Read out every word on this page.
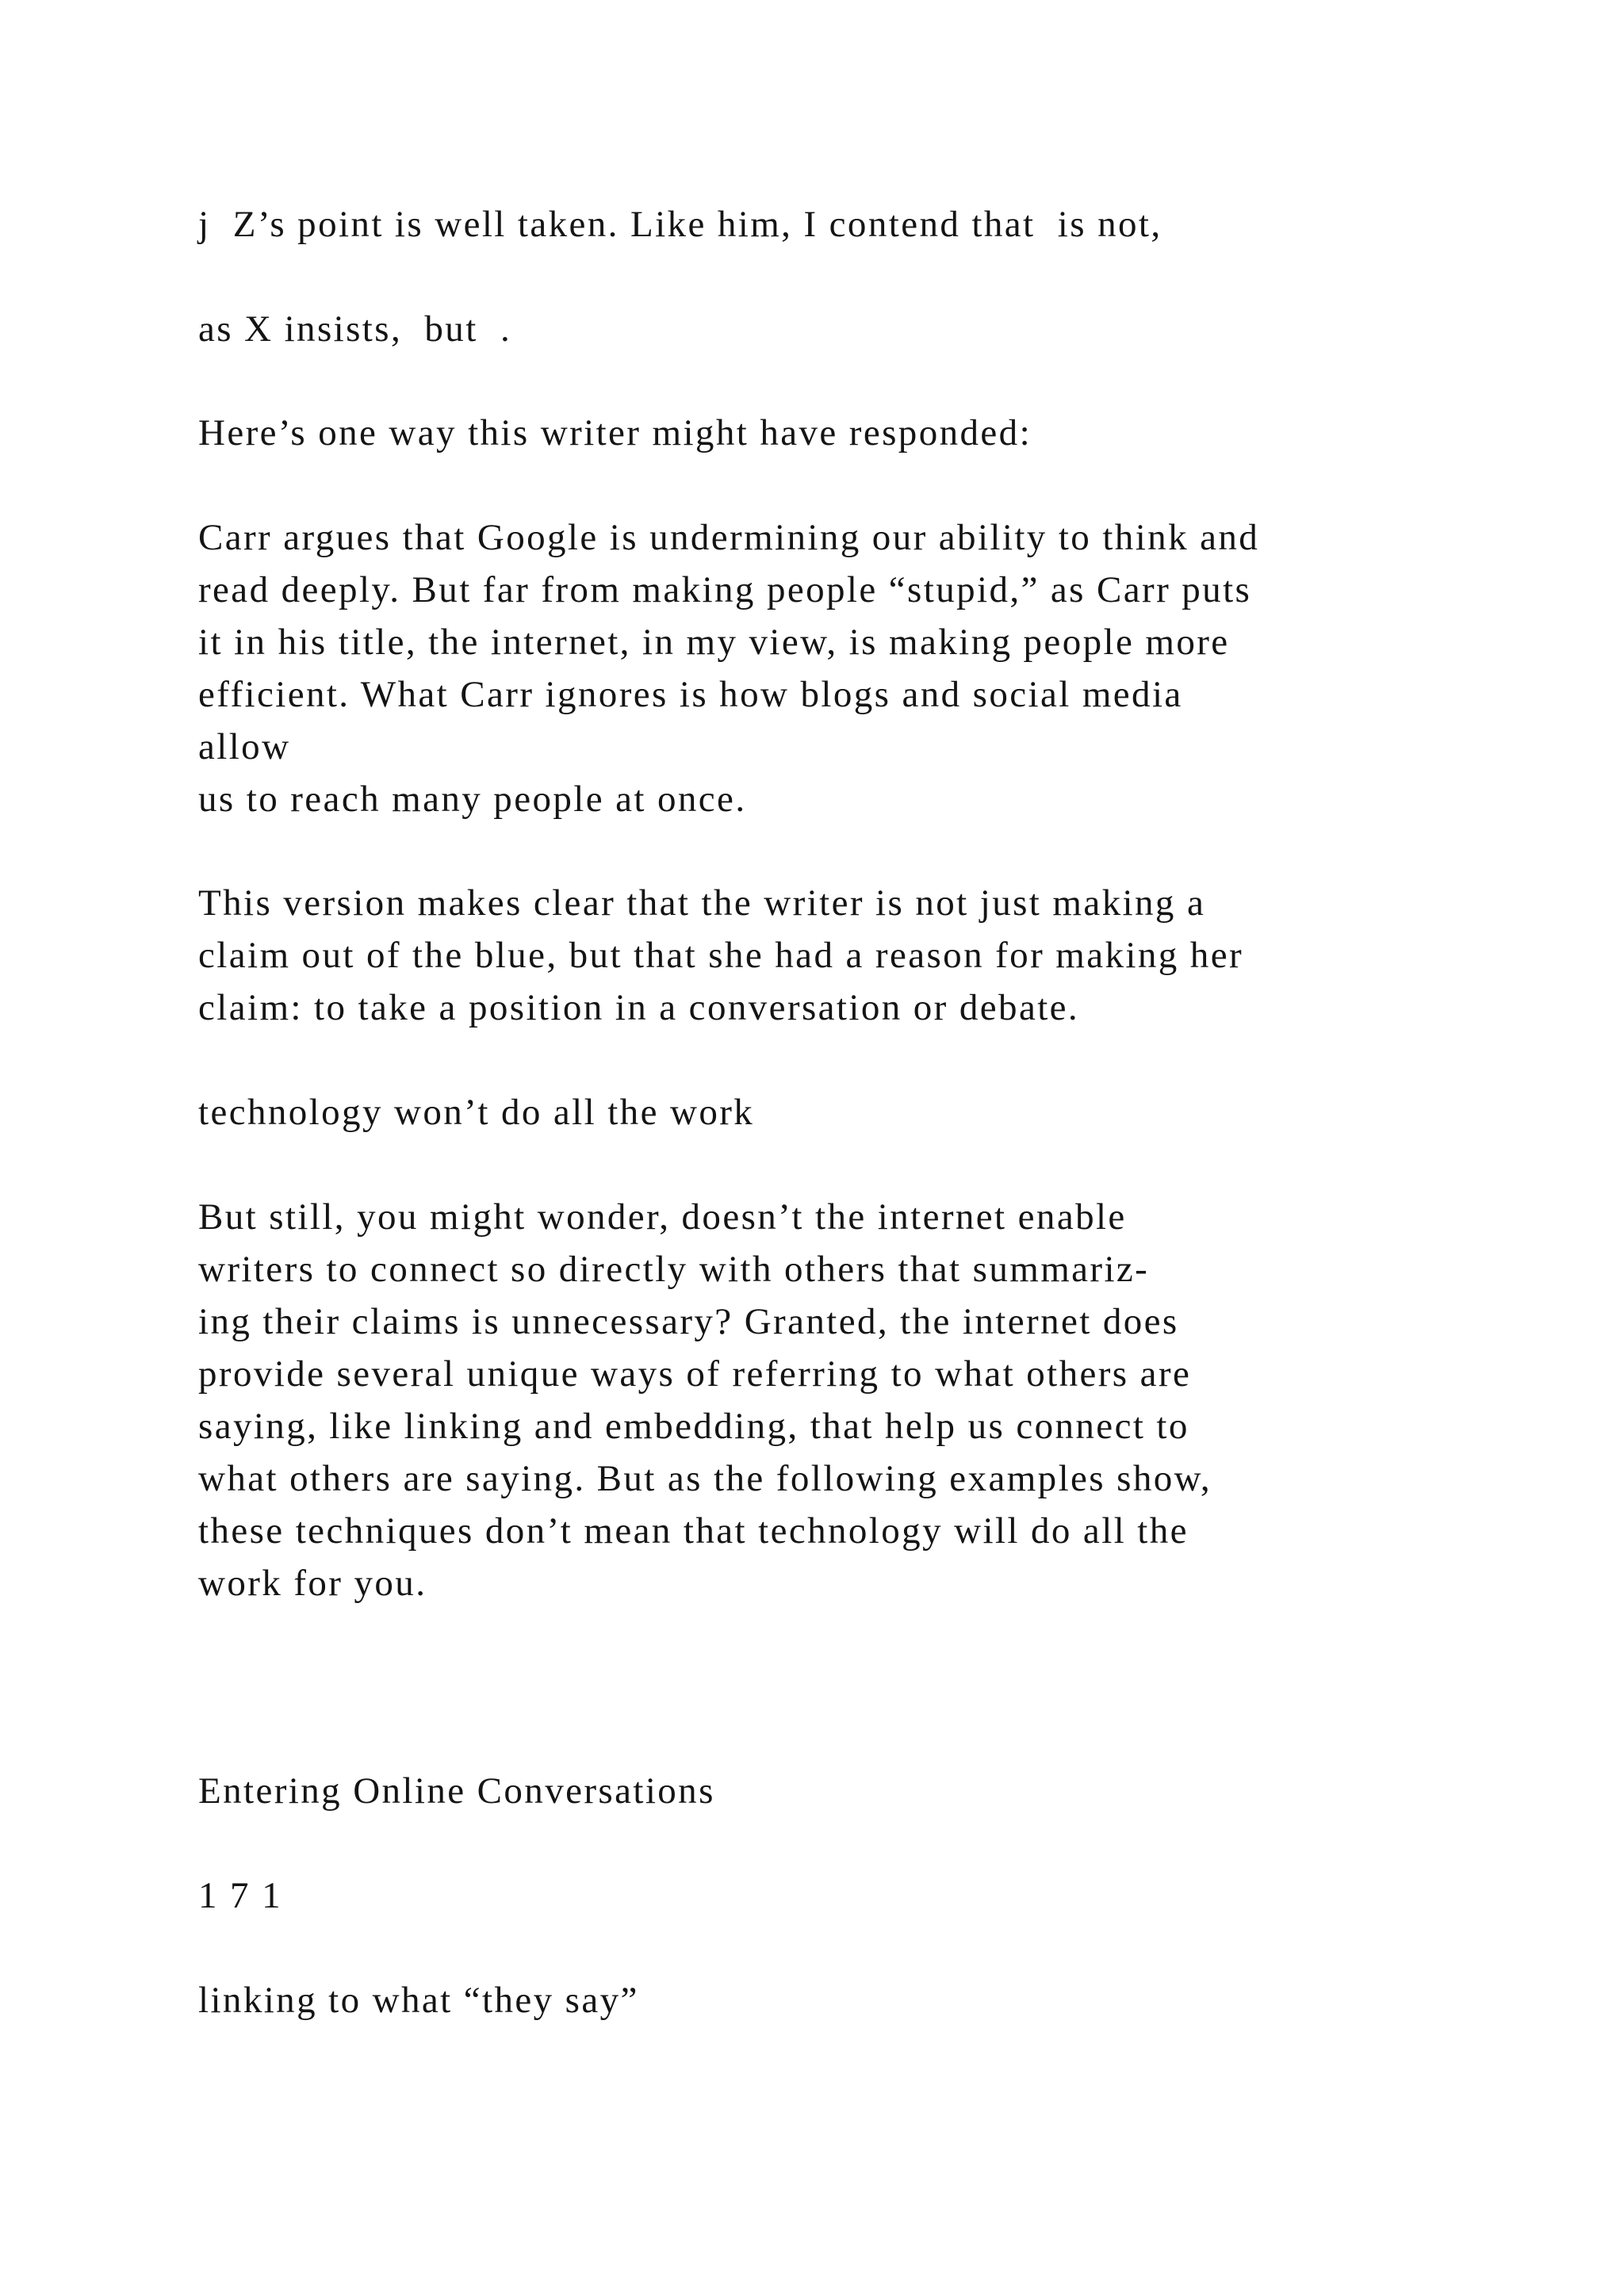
j  Z’s point is well taken. Like him, I contend that  is not,

as X insists,  but  .

Here’s one way this writer might have responded:

Carr argues that Google is undermining our ability to think and

read deeply. But far from making people “stupid,” as Carr puts

it in his title, the internet, in my view, is making people more

efficient. What Carr ignores is how blogs and social media

allow

us to reach many people at once.

This version makes clear that the writer is not just making a

claim out of the blue, but that she had a reason for making her

claim: to take a position in a conversation or debate.

technology won’t do all the work

But still, you might wonder, doesn’t the internet enable

writers to connect so directly with others that summariz-

ing their claims is unnecessary? Granted, the internet does

provide several unique ways of referring to what others are

saying, like linking and embedding, that help us connect to

what others are saying. But as the following examples show,

these techniques don’t mean that technology will do all the

work for you.

Entering Online Conversations

1 7 1

linking to what “they say”
